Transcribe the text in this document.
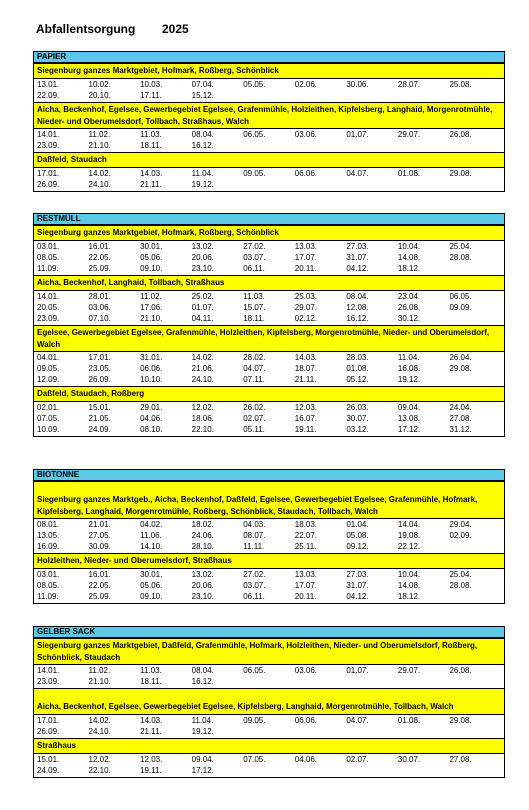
Abfallentsorgung 2025
PAPIER
Siegenburg ganzes Marktgebiet, Hofmark, Roßberg, Schönblick
13.01.	10.02.	10.03.	07.04.	05.05.	02.06.	30.06.	28.07.	25.08.
22.09.	20.10.	17.11.	15.12.
Aicha, Beckenhof, Egelsee, Gewerbegebiet Egelsee, Grafenmühle, Holzleithen, Kipfelsberg, Langhaid, Morgenrotmühle, Nieder- und Oberumelsdorf, Tollbach, Straßhaus, Walch
14.01.	11.02.	11.03.	08.04.	06.05.	03.06.	01.07.	29.07.	26.08.
23.09.	21.10.	18.11.	16.12.
Daßfeld, Staudach
17.01.	14.02.	14.03.	11.04.	09.05.	06.06.	04.07.	01.08.	29.08.
26.09.	24.10.	21.11.	19.12.
RESTMÜLL
Siegenburg ganzes Marktgebiet, Hofmark, Roßberg, Schönblick
03.01.	16.01.	30.01.	13.02.	27.02.	13.03.	27.03.	10.04.	25.04.
08.05.	22.05.	05.06.	20.06.	03.07.	17.07.	31.07.	14.08.	28.08.
11.09.	25.09.	09.10.	23.10.	06.11.	20.11.	04.12.	18.12.
Aicha, Beckenhof, Langhaid, Tollbach, Straßhaus
14.01.	28.01.	11.02.	25.02.	11.03.	25.03.	08.04.	23.04.	06.05.
20.05.	03.06.	17.06.	01.07.	15.07.	29.07.	12.08.	26.08.	09.09.
23.09.	07.10.	21.10.	04.11.	18.11.	02.12.	16.12.	30.12.
Egelsee, Gewerbegebiet Egelsee, Grafenmühle, Holzleithen, Kipfelsberg, Morgenrotmühle, Nieder- und Oberumelsdorf, Walch
04.01.	17.01.	31.01.	14.02.	28.02.	14.03.	28.03.	11.04.	26.04.
09.05.	23.05.	06.06.	21.06.	04.07.	18.07.	01.08.	16.08.	29.08.
12.09.	26.09.	10.10.	24.10.	07.11.	21.11.	05.12.	19.12.
Daßfeld, Staudach, Roßberg
02.01.	15.01.	29.01.	12.02.	26.02.	12.03.	26.03.	09.04.	24.04.
07.05.	21.05.	04.06.	18.06.	02.07.	16.07.	30.07.	13.08.	27.08.
10.09.	24.09.	08.10.	22.10.	05.11.	19.11.	03.12.	17.12.	31.12.
BIOTONNE
Siegenburg ganzes Marktgeb., Aicha, Beckenhof, Daßfeld, Egelsee, Gewerbegebiet Egelsee, Grafenmühle, Hofmark, Kipfelsberg, Langhaid, Morgenrotmühle, Roßberg, Schönblick, Staudach, Tollbach, Walch
08.01.	21.01.	04.02.	18.02.	04.03.	18.03.	01.04.	14.04.	29.04.
13.05.	27.05.	11.06.	24.06.	08.07.	22.07.	05.08.	19.08.	02.09.
16.09.	30.09.	14.10.	28.10.	11.11.	25.11.	09.12.	22.12.
Holzleithen, Nieder- und Oberumelsdorf, Straßhaus
03.01.	16.01.	30.01.	13.02.	27.02.	13.03.	27.03.	10.04.	25.04.
08.05.	22.05.	05.06.	20.06.	03.07.	17.07.	31.07.	14.08.	28.08.
11.09.	25.09.	09.10.	23.10.	06.11.	20.11.	04.12.	18.12.
GELBER SACK
Siegenburg ganzes Marktgebiet, Daßfeld, Grafenmühle, Hofmark, Holzleithen, Nieder- und Oberumelsdorf, Roßberg, Schönblick, Staudach
14.01.	11.02.	11.03.	08.04.	06.05.	03.06.	01.07.	29.07.	26.08.
23.09.	21.10.	18.11.	16.12.
Aicha, Beckenhof, Egelsee, Gewerbegebiet Egelsee, Kipfelsberg, Langhaid, Morgenrotmühle, Tollbach, Walch
17.01.	14.02.	14.03.	11.04.	09.05.	06.06.	04.07.	01.08.	29.08.
26.09.	24.10.	21.11.	19.12.
Straßhaus
15.01.	12.02.	12.03.	09.04.	07.05.	04.06.	02.07.	30.07.	27.08.
24.09.	22.10.	19.11.	17.12.
